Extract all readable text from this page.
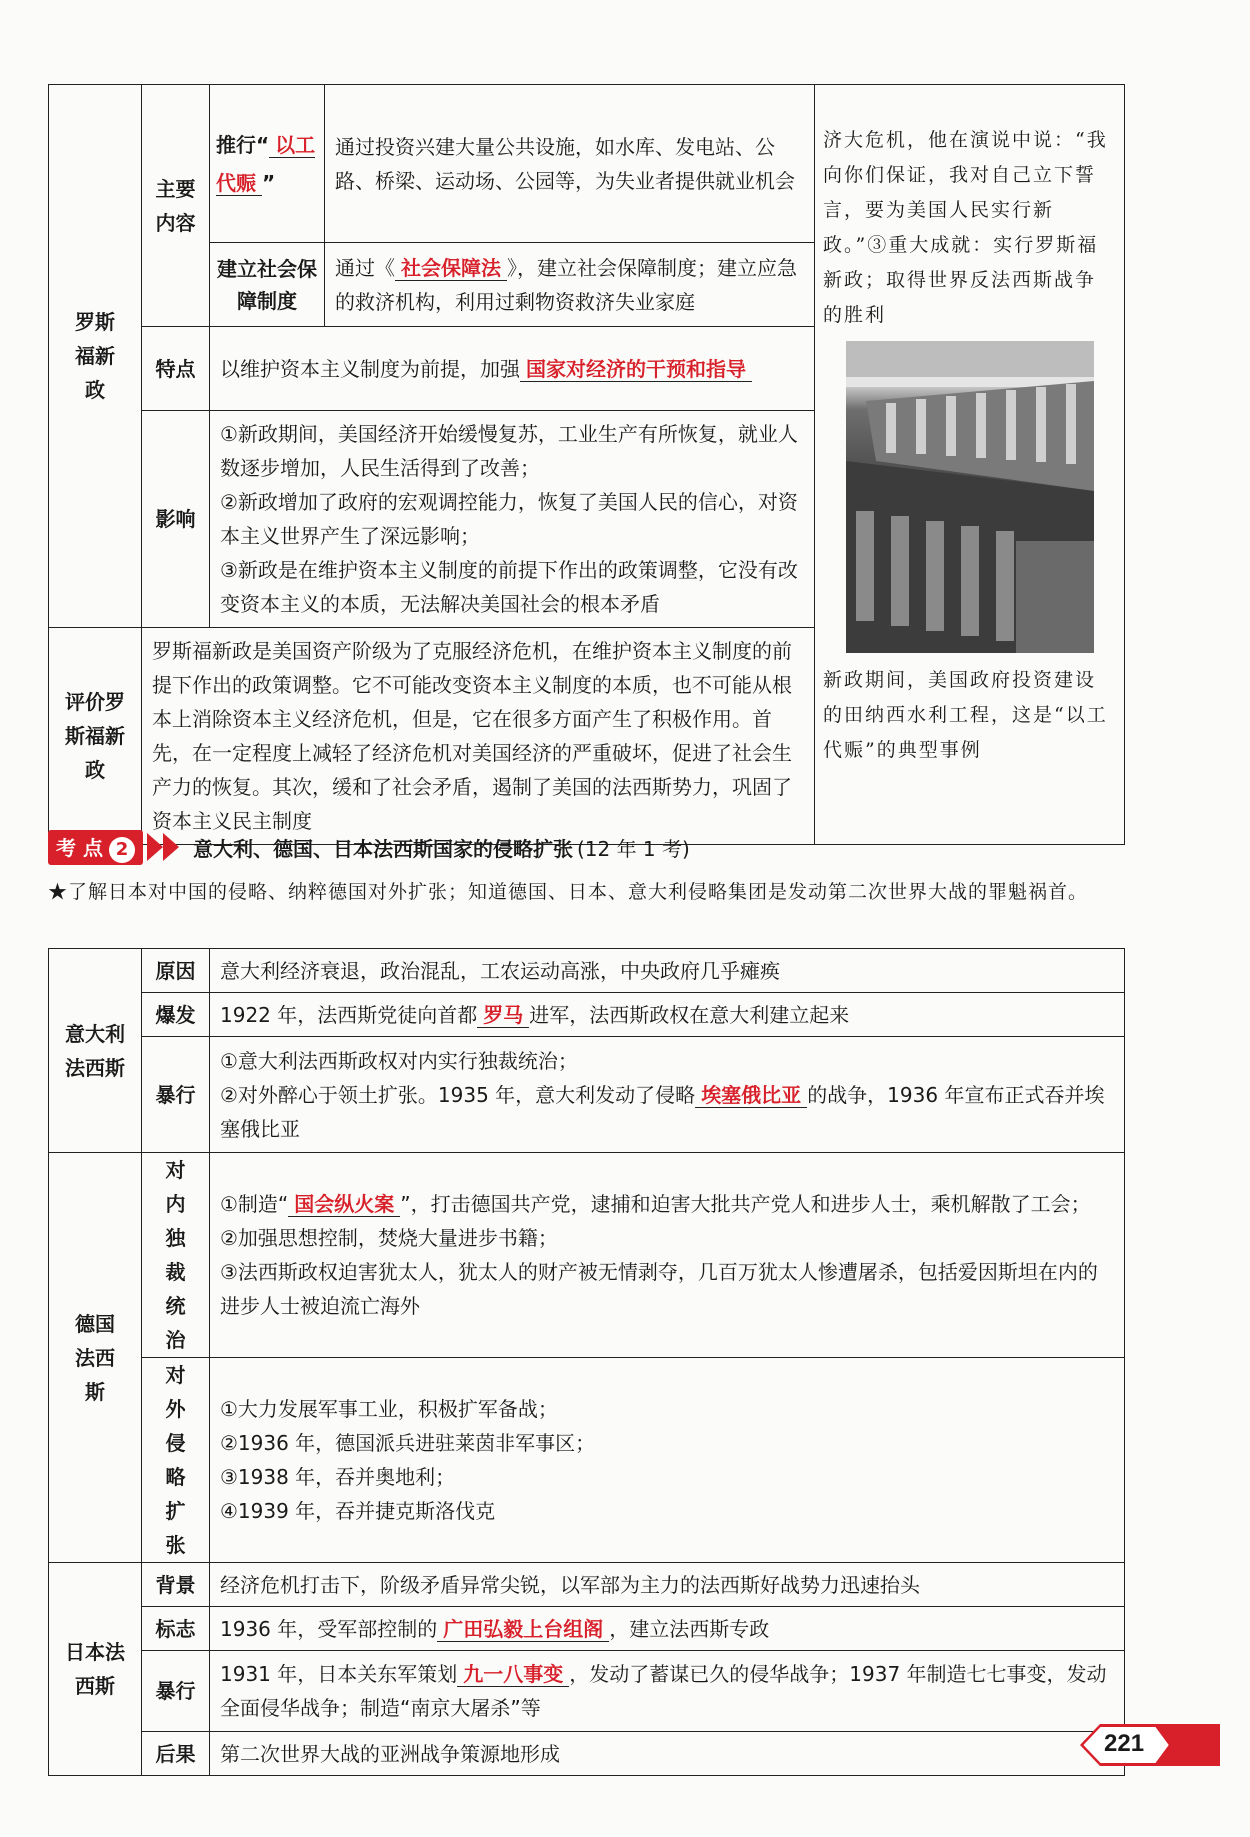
罗斯福新政	主要内容	推行“ 以工代赈 ”	通过投资兴建大量公共设施，如水库、发电站、公路、桥梁、运动场、公园等，为失业者提供就业机会	济大危机，他在演说中说：“我向你们保证，我对自己立下誓言，要为美国人民实行新政。”③重大成就：实行罗斯福新政；取得世界反法西斯战争的胜利
新政期间，美国政府投资建设的田纳西水利工程，这是“以工代赈”的典型事例

		建立社会保障制度	通过《 社会保障法 》，建立社会保障制度；建立应急的救济机构，利用过剩物资救济失业家庭	
	特点	以维护资本主义制度为前提，加强 国家对经济的干预和指导		
	影响	①新政期间，美国经济开始缓慢复苏，工业生产有所恢复，就业人数逐步增加，人民生活得到了改善；
②新政增加了政府的宏观调控能力，恢复了美国人民的信心，对资本主义世界产生了深远影响；
③新政是在维护资本主义制度的前提下作出的政策调整，它没有改变资本主义的本质，无法解决美国社会的根本矛盾		

评价罗斯福新政	罗斯福新政是美国资产阶级为了克服经济危机，在维护资本主义制度的前提下作出的政策调整。它不可能改变资本主义制度的本质，也不可能从根本上消除资本主义经济危机，但是，它在很多方面产生了积极作用。首先，在一定程度上减轻了经济危机对美国经济的严重破坏，促进了社会生产力的恢复。其次，缓和了社会矛盾，遏制了美国的法西斯势力，巩固了资本主义民主制度			
考 点 2	意大利、德国、日本法西斯国家的侵略扩张 (12 年 1 考)
★了解日本对中国的侵略、纳粹德国对外扩张；知道德国、日本、意大利侵略集团是发动第二次世界大战的罪魁祸首。
意大利法西斯	原因	意大利经济衰退，政治混乱，工农运动高涨，中央政府几乎瘫痪
	爆发	1922 年，法西斯党徒向首都 罗马 进军，法西斯政权在意大利建立起来
	暴行	①意大利法西斯政权对内实行独裁统治；
②对外醉心于领土扩张。1935 年，意大利发动了侵略 埃塞俄比亚 的战争，1936 年宣布正式吞并埃塞俄比亚

德国法西斯	对内独裁统治	①制造“ 国会纵火案 ”，打击德国共产党，逮捕和迫害大批共产党人和进步人士，乘机解散了工会；
②加强思想控制，焚烧大量进步书籍；
③法西斯政权迫害犹太人，犹太人的财产被无情剥夺，几百万犹太人惨遭屠杀，包括爱因斯坦在内的进步人士被迫流亡海外

	对外侵略扩张	①大力发展军事工业，积极扩军备战；
②1936 年，德国派兵进驻莱茵非军事区；
③1938 年，吞并奥地利；
④1939 年，吞并捷克斯洛伐克

日本法西斯	背景	经济危机打击下，阶级矛盾异常尖锐，以军部为主力的法西斯好战势力迅速抬头
	标志	1936 年，受军部控制的 广田弘毅上台组阁 ，建立法西斯专政
	暴行	1931 年，日本关东军策划 九一八事变 ，发动了蓄谋已久的侵华战争；1937 年制造七七事变，发动全面侵华战争；制造“南京大屠杀”等
	后果	第二次世界大战的亚洲战争策源地形成	221
